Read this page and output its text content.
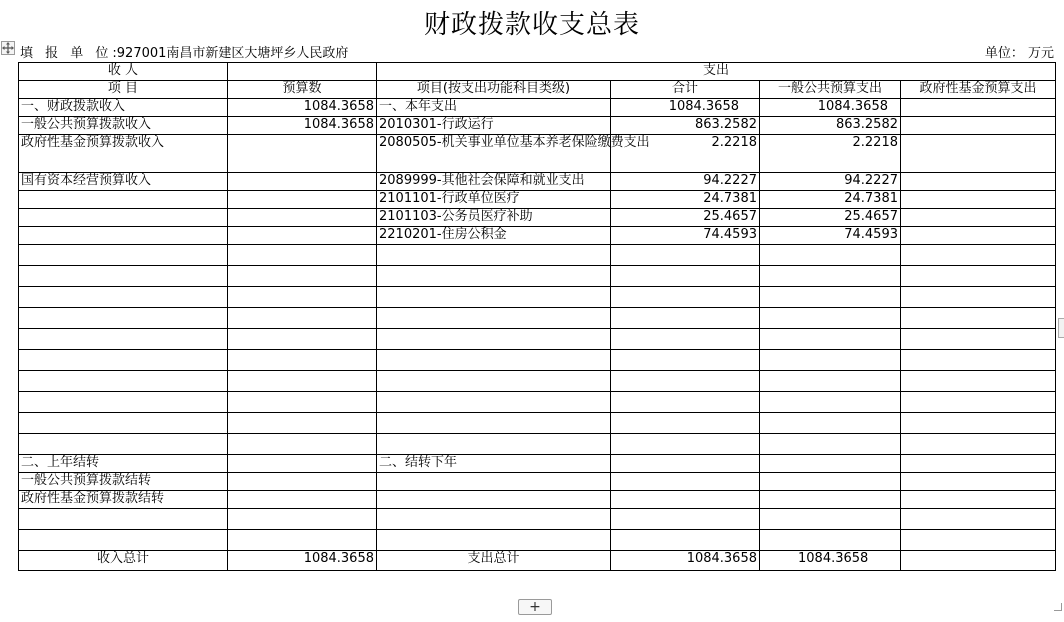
财政拨款收支总表
填 报 单 位:927001南昌市新建区大塘坪乡人民政府	单位： 万元
收 人		支出			
项 目	预算数	项目(按支出功能科目类级)	合计	一般公共预算支出	政府性基金预算支出
一、财政拨款收入	1084.3658	一、本年支出	1084.3658	1084.3658	
一般公共预算拨款收入	1084.3658	2010301-行政运行	863.2582	863.2582	
政府性基金预算拨款收入		2080505-机关事业单位基本养老保险缴费支出	2.2218	2.2218	
国有资本经营预算收入		2089999-其他社会保障和就业支出	94.2227	94.2227	
		2101101-行政单位医疗	24.7381	24.7381	
		2101103-公务员医疗补助	25.4657	25.4657	
		2210201-住房公积金	74.4593	74.4593	

二、上年结转		二、结转下年			
一般公共预算拨款结转					
政府性基金预算拨款结转					

收入总计	1084.3658	支出总计	1084.3658	1084.3658	
+
